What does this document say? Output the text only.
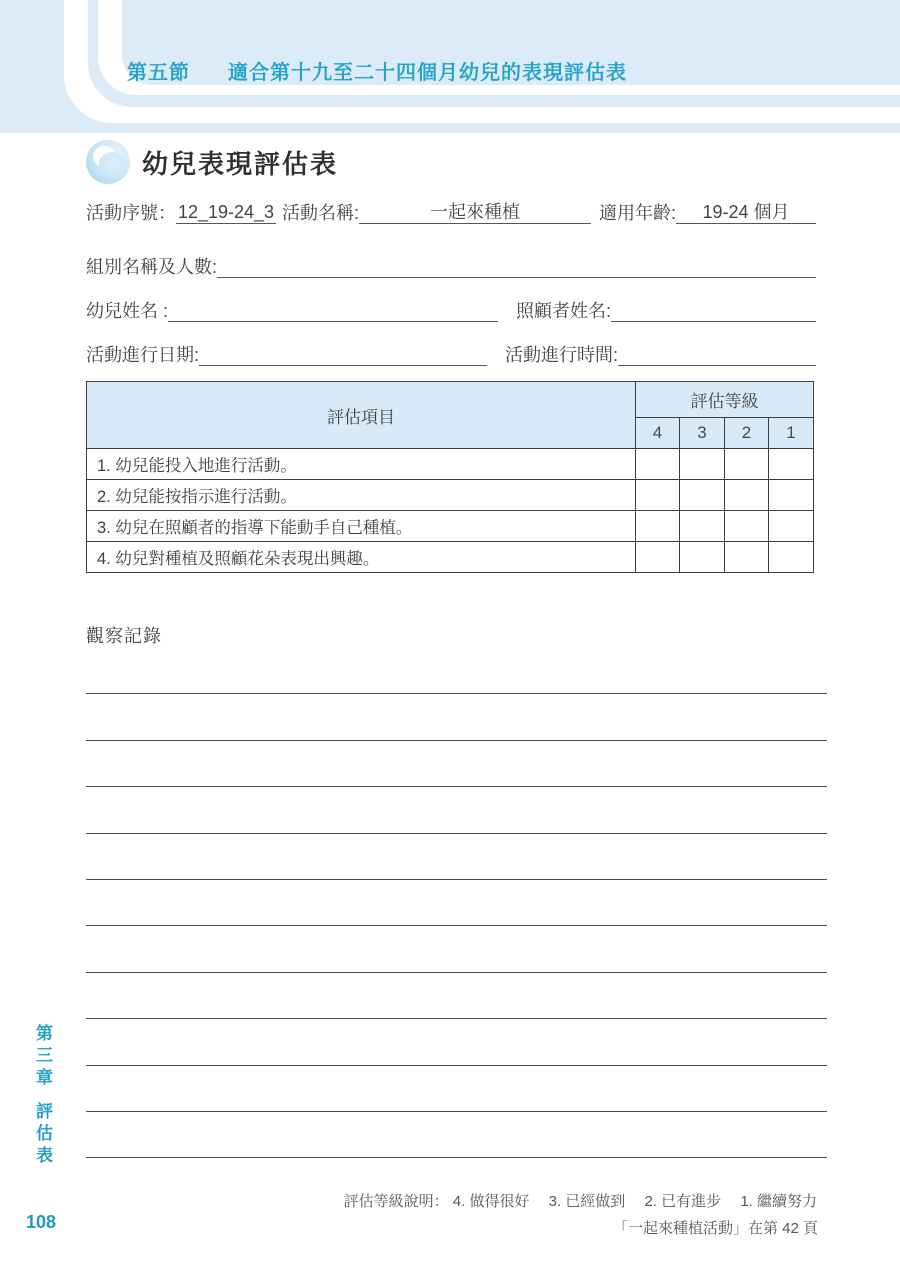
第五節 適合第十九至二十四個月幼兒的表現評估表
幼兒表現評估表
活動序號： 12_19-24_3 活動名稱:	一起來種植	適用年齡:	19-24 個月
組別名稱及人數:
幼兒姓名 :	照顧者姓名:
活動進行日期:	活動進行時間:
評估項目	評估等級			
	4	3	2	1
1. 幼兒能投入地進行活動。				
2. 幼兒能按指示進行活動。				
3. 幼兒在照顧者的指導下能動手自己種植。				
4. 幼兒對種植及照顧花朵表現出興趣。				
觀察記錄
評估等級說明： 4. 做得很好　 3. 已經做到　 2. 已有進步　 1. 繼續努力
「一起來種植活動」在第 42 頁
第三章
評估表
108
